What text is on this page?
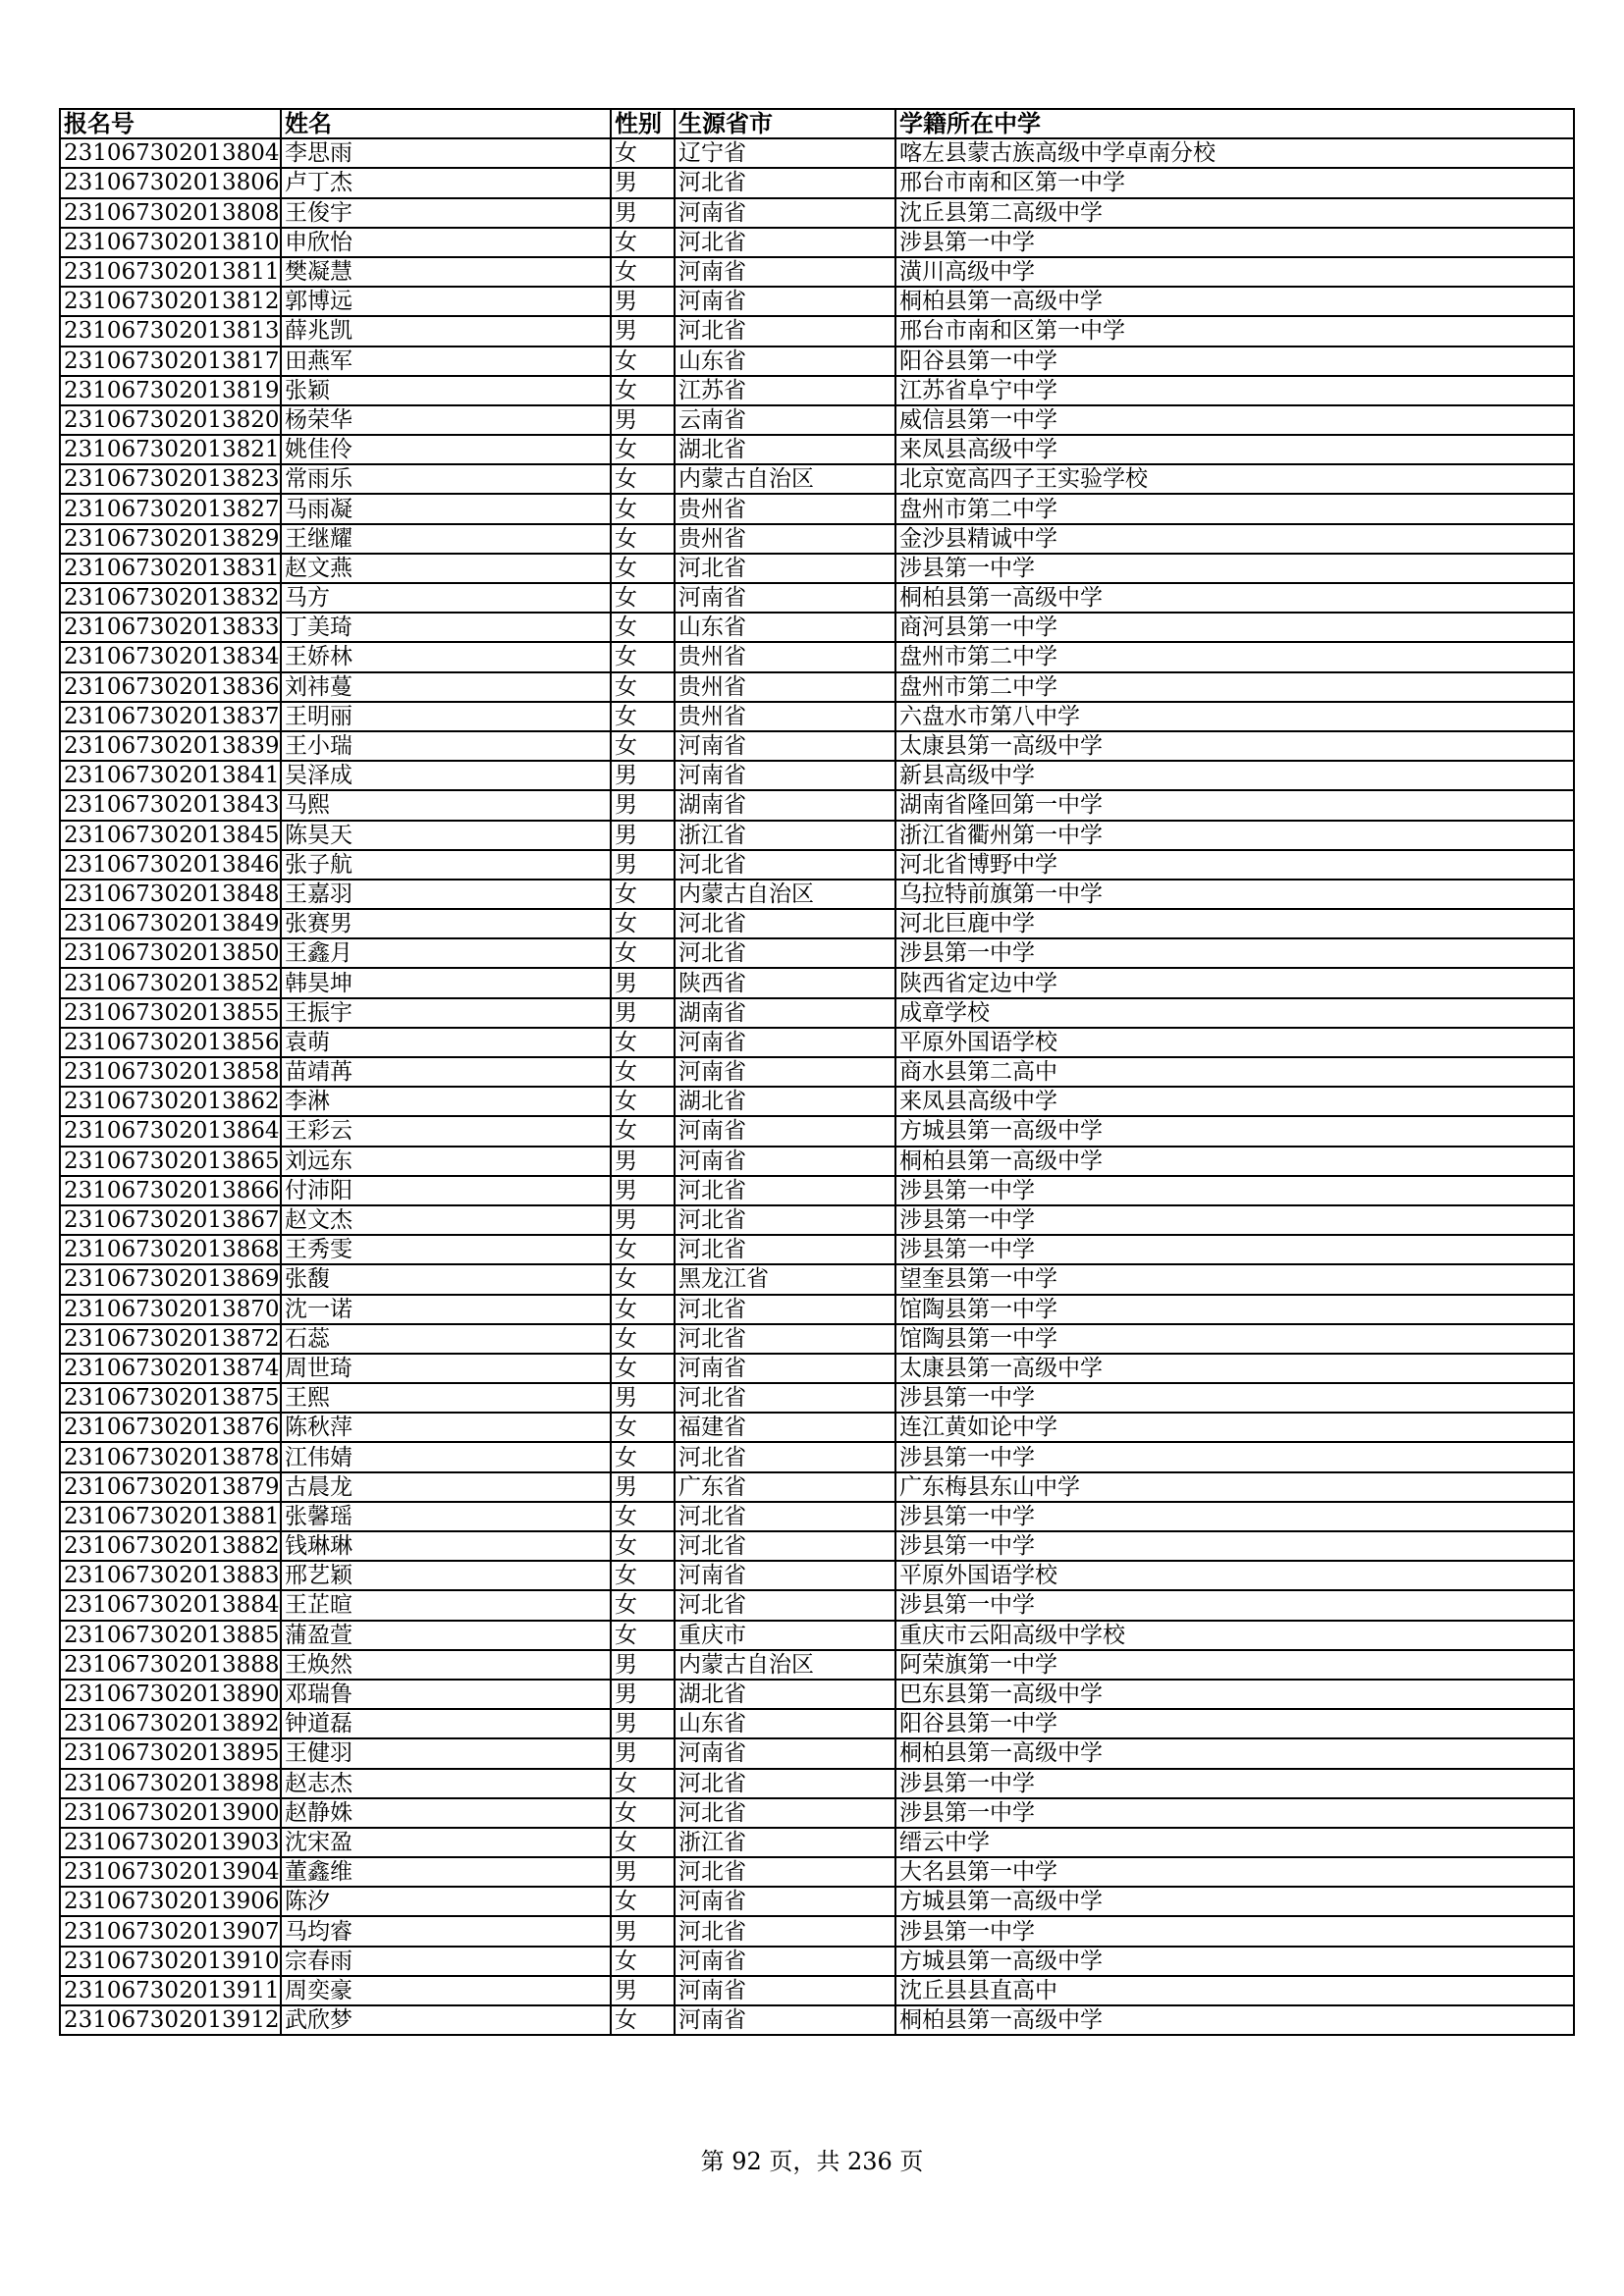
报名号	姓名	性别	生源省市	学籍所在中学
231067302013804	李思雨	女	辽宁省	喀左县蒙古族高级中学卓南分校
231067302013806	卢丁杰	男	河北省	邢台市南和区第一中学
231067302013808	王俊宇	男	河南省	沈丘县第二高级中学
231067302013810	申欣怡	女	河北省	涉县第一中学
231067302013811	樊凝慧	女	河南省	潢川高级中学
231067302013812	郭博远	男	河南省	桐柏县第一高级中学
231067302013813	薛兆凯	男	河北省	邢台市南和区第一中学
231067302013817	田燕军	女	山东省	阳谷县第一中学
231067302013819	张颖	女	江苏省	江苏省阜宁中学
231067302013820	杨荣华	男	云南省	威信县第一中学
231067302013821	姚佳伶	女	湖北省	来凤县高级中学
231067302013823	常雨乐	女	内蒙古自治区	北京宽高四子王实验学校
231067302013827	马雨凝	女	贵州省	盘州市第二中学
231067302013829	王继耀	女	贵州省	金沙县精诚中学
231067302013831	赵文燕	女	河北省	涉县第一中学
231067302013832	马方	女	河南省	桐柏县第一高级中学
231067302013833	丁美琦	女	山东省	商河县第一中学
231067302013834	王娇林	女	贵州省	盘州市第二中学
231067302013836	刘祎蔓	女	贵州省	盘州市第二中学
231067302013837	王明丽	女	贵州省	六盘水市第八中学
231067302013839	王小瑞	女	河南省	太康县第一高级中学
231067302013841	吴泽成	男	河南省	新县高级中学
231067302013843	马熙	男	湖南省	湖南省隆回第一中学
231067302013845	陈昊天	男	浙江省	浙江省衢州第一中学
231067302013846	张子航	男	河北省	河北省博野中学
231067302013848	王嘉羽	女	内蒙古自治区	乌拉特前旗第一中学
231067302013849	张赛男	女	河北省	河北巨鹿中学
231067302013850	王鑫月	女	河北省	涉县第一中学
231067302013852	韩昊坤	男	陕西省	陕西省定边中学
231067302013855	王振宇	男	湖南省	成章学校
231067302013856	袁萌	女	河南省	平原外国语学校
231067302013858	苗靖苒	女	河南省	商水县第二高中
231067302013862	李淋	女	湖北省	来凤县高级中学
231067302013864	王彩云	女	河南省	方城县第一高级中学
231067302013865	刘远东	男	河南省	桐柏县第一高级中学
231067302013866	付沛阳	男	河北省	涉县第一中学
231067302013867	赵文杰	男	河北省	涉县第一中学
231067302013868	王秀雯	女	河北省	涉县第一中学
231067302013869	张馥	女	黑龙江省	望奎县第一中学
231067302013870	沈一诺	女	河北省	馆陶县第一中学
231067302013872	石蕊	女	河北省	馆陶县第一中学
231067302013874	周世琦	女	河南省	太康县第一高级中学
231067302013875	王熙	男	河北省	涉县第一中学
231067302013876	陈秋萍	女	福建省	连江黄如论中学
231067302013878	江伟婧	女	河北省	涉县第一中学
231067302013879	古晨龙	男	广东省	广东梅县东山中学
231067302013881	张馨瑶	女	河北省	涉县第一中学
231067302013882	钱琳琳	女	河北省	涉县第一中学
231067302013883	邢艺颖	女	河南省	平原外国语学校
231067302013884	王芷暄	女	河北省	涉县第一中学
231067302013885	蒲盈萱	女	重庆市	重庆市云阳高级中学校
231067302013888	王焕然	男	内蒙古自治区	阿荣旗第一中学
231067302013890	邓瑞鲁	男	湖北省	巴东县第一高级中学
231067302013892	钟道磊	男	山东省	阳谷县第一中学
231067302013895	王健羽	男	河南省	桐柏县第一高级中学
231067302013898	赵志杰	女	河北省	涉县第一中学
231067302013900	赵静姝	女	河北省	涉县第一中学
231067302013903	沈宋盈	女	浙江省	缙云中学
231067302013904	董鑫维	男	河北省	大名县第一中学
231067302013906	陈汐	女	河南省	方城县第一高级中学
231067302013907	马均睿	男	河北省	涉县第一中学
231067302013910	宗春雨	女	河南省	方城县第一高级中学
231067302013911	周奕豪	男	河南省	沈丘县县直高中
231067302013912	武欣梦	女	河南省	桐柏县第一高级中学
第 92 页，共 236 页
